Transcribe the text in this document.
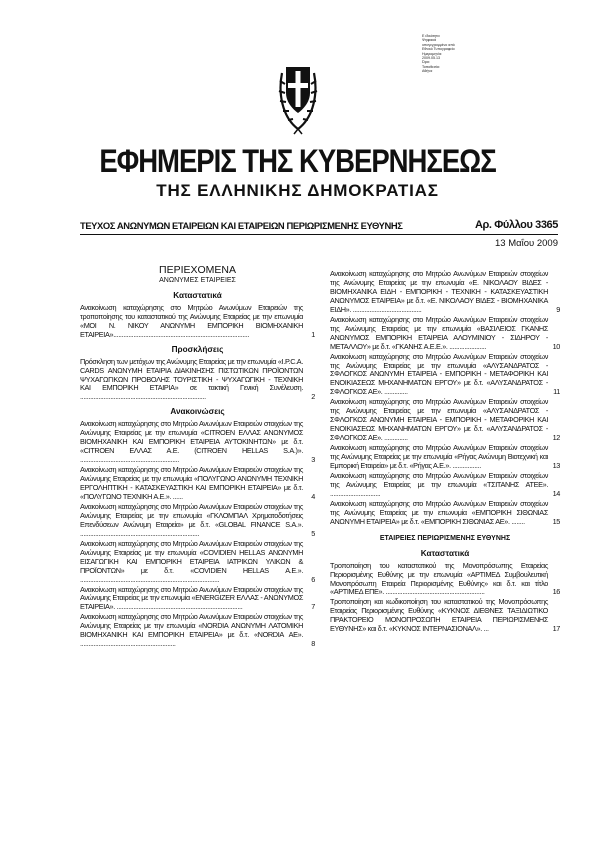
Ε ιδικότητα
Ψηφιακά
υπογεγραμμένο από
Εθνικό Τυπογραφείο
Ημερομηνία:
2009.05.13
Ώρα:
Τοποθεσία:
Αθήνα
ΕΦΗΜΕΡΙΣ ΤΗΣ ΚΥΒΕΡΝΗΣΕΩΣ
ΤΗΣ ΕΛΛΗΝΙΚΗΣ ΔΗΜΟΚΡΑΤΙΑΣ
ΤΕΥΧΟΣ ΑΝΩΝΥΜΩΝ ΕΤΑΙΡΕΙΩΝ ΚΑΙ ΕΤΑΙΡΕΙΩΝ ΠΕΡΙΩΡΙΣΜΕΝΗΣ ΕΥΘΥΝΗΣ	Αρ. Φύλλου 3365
13 Μαΐου 2009
ΠΕΡΙΕΧΟΜΕΝΑ
ΑΝΩΝΥΜΕΣ ΕΤΑΙΡΕΙΕΣ
Καταστατικά
Ανακοίνωση καταχώρησης στο Μητρώο Ανωνύμων Εταιρειών της τροποποίησης του καταστατικού της Ανώνυμης Εταιρείας με την επωνυμία «ΜΟΙ Ν. ΝΙΚΟΥ ΑΝΩΝΥΜΗ ΕΜΠΟΡΙΚΗ ΒΙΟΜΗΧΑΝΙΚΗ ΕΤΑΙΡΕΙΑ».................................................................................	1
Προσκλήσεις
Πρόσκληση των μετόχων της Ανώνυμης Εταιρείας με την επωνυμία «I.P.C.A. CARDS ΑΝΩΝΥΜΗ ΕΤΑΙΡΙΑ ΔΙΑΚΙΝΗΣΗΣ ΠΙΣΤΩΤΙΚΩΝ ΠΡΟΪΟΝΤΩΝ ΨΥΧΑΓΩΓΙΚΩΝ ΠΡΟΒΟΛΗΣ ΤΟΥΡΙΣΤΙΚΗ - ΨΥΧΑΓΩΓΙΚΗ - ΤΕΧΝΙΚΗ ΚΑΙ ΕΜΠΟΡΙΚΗ ΕΤΑΙΡΙΑ» σε τακτική Γενική Συνέλευση. ...........................................................................	2
Ανακοινώσεις
Ανακοίνωση καταχώρησης στο Μητρώο Ανωνύμων Εταιρειών στοιχείων της Ανώνυμης Εταιρείας με την επωνυμία «CITROEN ΕΛΛΑΣ ΑΝΩΝΥΜΟΣ ΒΙΟΜΗΧΑΝΙΚΗ ΚΑΙ ΕΜΠΟΡΙΚΗ ΕΤΑΙΡΕΙΑ ΑΥΤΟΚΙΝΗΤΩΝ» με δ.τ. «CITROEN ΕΛΛΑΣ Α.Ε. (CITROEN HELLAS S.A.)». ...........................................................	3
Ανακοίνωση καταχώρησης στο Μητρώο Ανωνύμων Εταιρειών στοιχείων της Ανώνυμης Εταιρείας με την επωνυμία «ΠΟΛΥΓΩΝΟ ΑΝΩΝΥΜΗ ΤΕΧΝΙΚΗ ΕΡΓΟΛΗΠΤΙΚΗ - ΚΑΤΑΣΚΕΥΑΣΤΙΚΗ ΚΑΙ ΕΜΠΟΡΙΚΗ ΕΤΑΙΡΕΙΑ» με δ.τ. «ΠΟΛΥΓΩΝΟ ΤΕΧΝΙΚΗ Α.Ε.». ......	4
Ανακοίνωση καταχώρησης στο Μητρώο Ανωνύμων Εταιρειών στοιχείων της Ανώνυμης Εταιρείας με την επωνυμία «ΓΚΛΟΜΠΑΛ Χρηματοδοτήσεις Επενδύσεων Ανώνυμη Εταιρεία» με δ.τ. «GLOBAL FINANCE S.A.». .......................................................................	5
Ανακοίνωση καταχώρησης στο Μητρώο Ανωνύμων Εταιρειών στοιχείων της Ανώνυμης Εταιρείας με την επωνυμία «COVIDIEN HELLAS ΑΝΩΝΥΜΗ ΕΙΣΑΓΩΓΙΚΗ ΚΑΙ ΕΜΠΟΡΙΚΗ ΕΤΑΙΡΕΙΑ ΙΑΤΡΙΚΩΝ ΥΛΙΚΩΝ & ΠΡΟΪΟΝΤΩΝ» με δ.τ. «COVIDIEN HELLAS Α.Ε.». ...................................................................................	6
Ανακοίνωση καταχώρησης στο Μητρώο Ανωνύμων Εταιρειών στοιχείων της Ανώνυμης Εταιρείας με την επωνυμία «ENERGIZER ΕΛΛΑΣ - ΑΝΩΝΥΜΟΣ ΕΤΑΙΡΕΙΑ». ...........................................................................	7
Ανακοίνωση καταχώρησης στο Μητρώο Ανωνύμων Εταιρειών στοιχείων της Ανώνυμης Εταιρείας με την επωνυμία «NORDIA ΑΝΩΝΥΜΗ ΛΑΤΟΜΙΚΗ ΒΙΟΜΗΧΑΝΙΚΗ ΚΑΙ ΕΜΠΟΡΙΚΗ ΕΤΑΙΡΕΙΑ» με δ.τ. «NORDIA ΑΕ». .........................................................	8
Ανακοίνωση καταχώρησης στο Μητρώο Ανωνύμων Εταιρειών στοιχείων της Ανώνυμης Εταιρείας με την επωνυμία «Ε. ΝΙΚΟΛΑΟΥ ΒΙΔΕΣ - ΒΙΟΜΗΧΑΝΙΚΑ ΕΙΔΗ - ΕΜΠΟΡΙΚΗ - ΤΕΧΝΙΚΗ - ΚΑΤΑΣΚΕΥΑΣΤΙΚΗ ΑΝΩΝΥΜΟΣ ΕΤΑΙΡΕΙΑ» με δ.τ. «Ε. ΝΙΚΟΛΑΟΥ ΒΙΔΕΣ - ΒΙΟΜΗΧΑΝΙΚΑ ΕΙΔΗ». .........................................	9
Ανακοίνωση καταχώρησης στο Μητρώο Ανωνύμων Εταιρειών στοιχείων της Ανώνυμης Εταιρείας με την επωνυμία «ΒΑΣΙΛΕΙΟΣ ΓΚΑΝΗΣ ΑΝΩΝΥΜΟΣ ΕΜΠΟΡΙΚΗ ΕΤΑΙΡΕΙΑ ΑΛΟΥΜΙΝΙΟΥ - ΣΙΔΗΡΟΥ - ΜΕΤΑΛΛΟΥ» με δ.τ. «ΓΚΑΝΗΣ Α.Ε.Ε.». ......................	10
Ανακοίνωση καταχώρησης στο Μητρώο Ανωνύμων Εταιρειών στοιχείων της Ανώνυμης Εταιρείας με την επωνυμία «ΑΛΥΣΑΝΔΡΑΤΟΣ - ΣΦΛΟΓΚΟΣ ΑΝΩΝΥΜΗ ΕΤΑΙΡΕΙΑ - ΕΜΠΟΡΙΚΗ - ΜΕΤΑΦΟΡΙΚΗ ΚΑΙ ΕΝΟΙΚΙΑΣΕΩΣ ΜΗΧΑΝΗΜΑΤΩΝ ΕΡΓΟΥ» με δ.τ. «ΑΛΥΣΑΝΔΡΑΤΟΣ - ΣΦΛΟΓΚΟΣ ΑΕ». ..............	11
Ανακοίνωση καταχώρησης στο Μητρώο Ανωνύμων Εταιρειών στοιχείων της Ανώνυμης Εταιρείας με την επωνυμία «ΑΛΥΣΑΝΔΡΑΤΟΣ - ΣΦΛΟΓΚΟΣ ΑΝΩΝΥΜΗ ΕΤΑΙΡΕΙΑ - ΕΜΠΟΡΙΚΗ - ΜΕΤΑΦΟΡΙΚΗ ΚΑΙ ΕΝΟΙΚΙΑΣΕΩΣ ΜΗΧΑΝΗΜΑΤΩΝ ΕΡΓΟΥ» με δ.τ. «ΑΛΥΣΑΝΔΡΑΤΟΣ - ΣΦΛΟΓΚΟΣ ΑΕ». ..............	12
Ανακοίνωση καταχώρησης στο Μητρώο Ανωνύμων Εταιρειών στοιχείων της Ανώνυμης Εταιρείας με την επωνυμία «Ρήγας Ανώνυμη Βιοτεχνική και Εμπορική Εταιρεία» με δ.τ. «Ρήγας Α.Ε.». .................	13
Ανακοίνωση καταχώρησης στο Μητρώο Ανωνύμων Εταιρειών στοιχείων της Ανώνυμης Εταιρείας με την επωνυμία «ΤΣΙΤΑΝΗΣ ΑΤΕΕ». ..............................	14
Ανακοίνωση καταχώρησης στο Μητρώο Ανωνύμων Εταιρειών στοιχείων της Ανώνυμης Εταιρείας με την επωνυμία «ΕΜΠΟΡΙΚΗ ΣΙΘΩΝΙΑΣ ΑΝΩΝΥΜΗ ΕΤΑΙΡΕΙΑ» με δ.τ. «ΕΜΠΟΡΙΚΗ ΣΙΘΩΝΙΑΣ ΑΕ». ........	15
ΕΤΑΙΡΕΙΕΣ ΠΕΡΙΩΡΙΣΜΕΝΗΣ ΕΥΘΥΝΗΣ
Καταστατικά
Τροποποίηση του καταστατικού της Μονοπρόσωπης Εταιρείας Περιορισμένης Ευθύνης με την επωνυμία «ΑΡΤΙΜΕΔ Συμβουλευτική Μονοπρόσωπη Εταιρεία Περιορισμένης Ευθύνης» και δ.τ. και τίτλο «ΑΡΤΙΜΕΔ ΕΠΕ». ...........................................................	16
Τροποποίηση και κωδικοποίηση του καταστατικού της Μονοπρόσωπης Εταιρείας Περιορισμένης Ευθύνης «ΚΥΚΝΟΣ ΔΙΕΘΝΕΣ ΤΑΞΙΔΙΩΤΙΚΟ ΠΡΑΚΤΟΡΕΙΟ ΜΟΝΟΠΡΟΣΩΠΗ ΕΤΑΙΡΕΙΑ ΠΕΡΙΩΡΙΣΜΕΝΗΣ ΕΥΘΥΝΗΣ» και δ.τ. «ΚΥΚΝΟΣ ΙΝΤΕΡΝΑΣΙΟΝΑΛ». ...	17
